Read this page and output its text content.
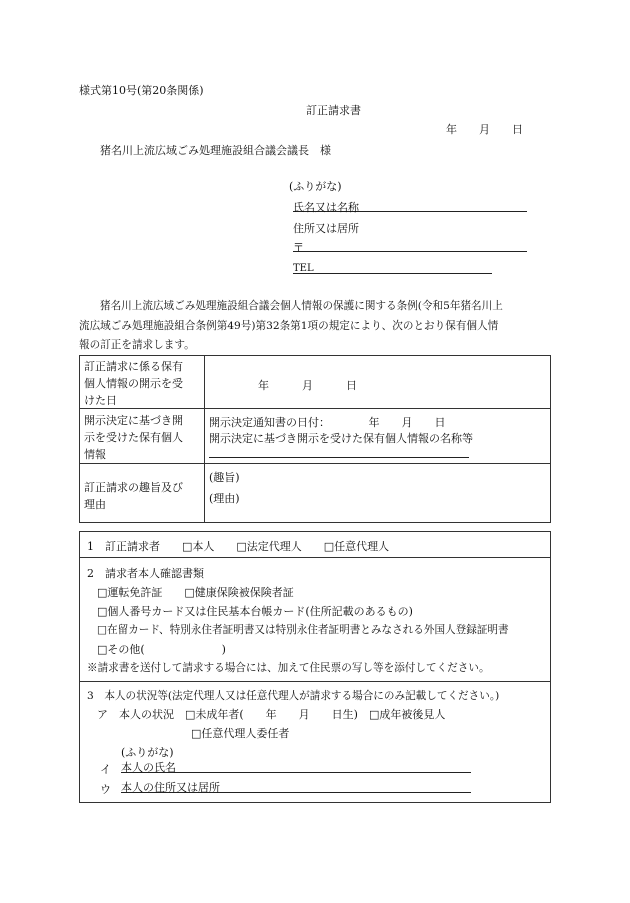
様式第10号(第20条関係)
訂正請求書
年　　月　　日
猪名川上流広域ごみ処理施設組合議会議長　様
(ふりがな)
氏名又は名称
住所又は居所
〒
TEL
猪名川上流広域ごみ処理施設組合議会個人情報の保護に関する条例(令和5年猪名川上
流広域ごみ処理施設組合条例第49号)第32条第1項の規定により、次のとおり保有個人情
報の訂正を請求します。
訂正請求に係る保有
個人情報の開示を受
けた日
年　　　月　　　日
開示決定に基づき開
示を受けた保有個人
情報
開示決定通知書の日付：　　　　年　　月　　日
開示決定に基づき開示を受けた保有個人情報の名称等
訂正請求の趣旨及び
理由
(趣旨)
(理由)
1　訂正請求者　　□本人　　□法定代理人　　□任意代理人
2　請求者本人確認書類
□運転免許証　　□健康保険被保険者証
□個人番号カード又は住民基本台帳カード(住所記載のあるもの)
□在留カード、特別永住者証明書又は特別永住者証明書とみなされる外国人登録証明書
□その他(　　　　　　　)
※請求書を送付して請求する場合には、加えて住民票の写し等を添付してください。
3　本人の状況等(法定代理人又は任意代理人が請求する場合にのみ記載してください。)
ア　本人の状況　□未成年者(　　年　　月　　日生)　□成年被後見人
□任意代理人委任者
(ふりがな)
イ 本人の氏名
ウ 本人の住所又は居所
